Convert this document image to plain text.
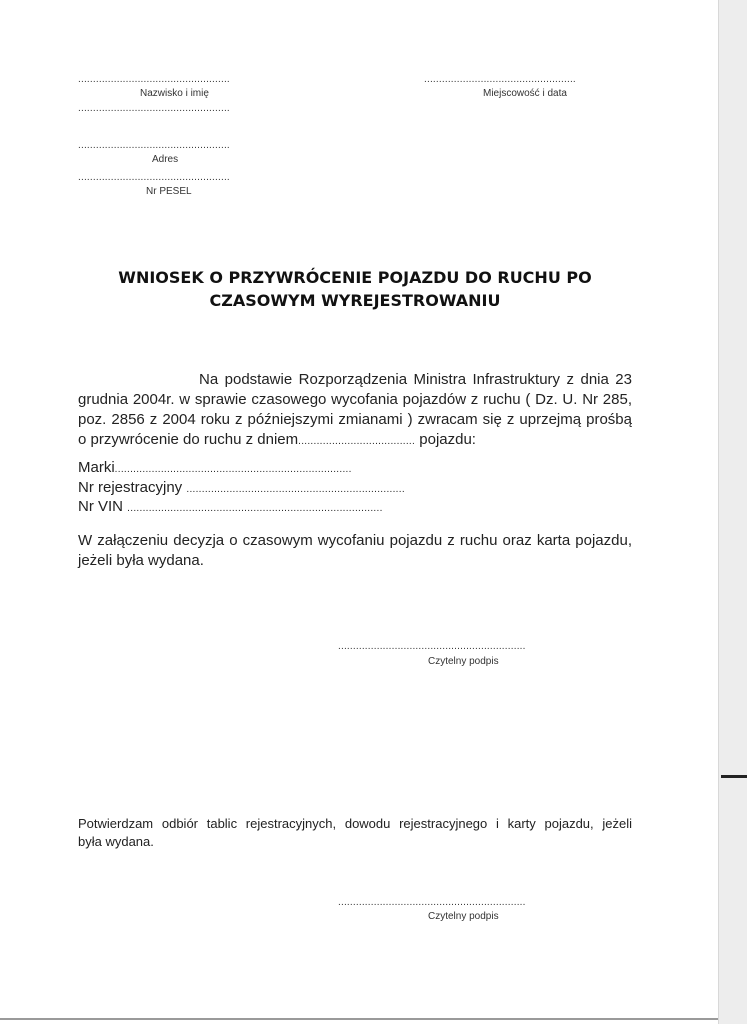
...................................................
Nazwisko i imię
...................................................
...................................................
Miejscowość i data
...................................................
Adres
...................................................
Nr PESEL
WNIOSEK O PRZYWRÓCENIE POJAZDU DO RUCHU PO
CZASOWYM WYREJESTROWANIU
Na podstawie Rozporządzenia Ministra Infrastruktury z dnia 23
grudnia 2004r. w sprawie czasowego wycofania pojazdów z ruchu ( Dz. U. Nr 285,
poz. 2856 z 2004 roku z późniejszymi zmianami ) zwracam się z uprzejmą prośbą
o przywrócenie do ruchu z dniem...................................... pojazdu:
Marki.............................................................................
Nr rejestracyjny .......................................................................
Nr VIN ...................................................................................
W załączeniu decyzja o czasowym wycofaniu pojazdu z ruchu oraz karta pojazdu,
jeżeli była wydana.
...............................................................
Czytelny podpis
Potwierdzam odbiór tablic rejestracyjnych, dowodu rejestracyjnego i karty pojazdu, jeżeli
była wydana.
...............................................................
Czytelny podpis
